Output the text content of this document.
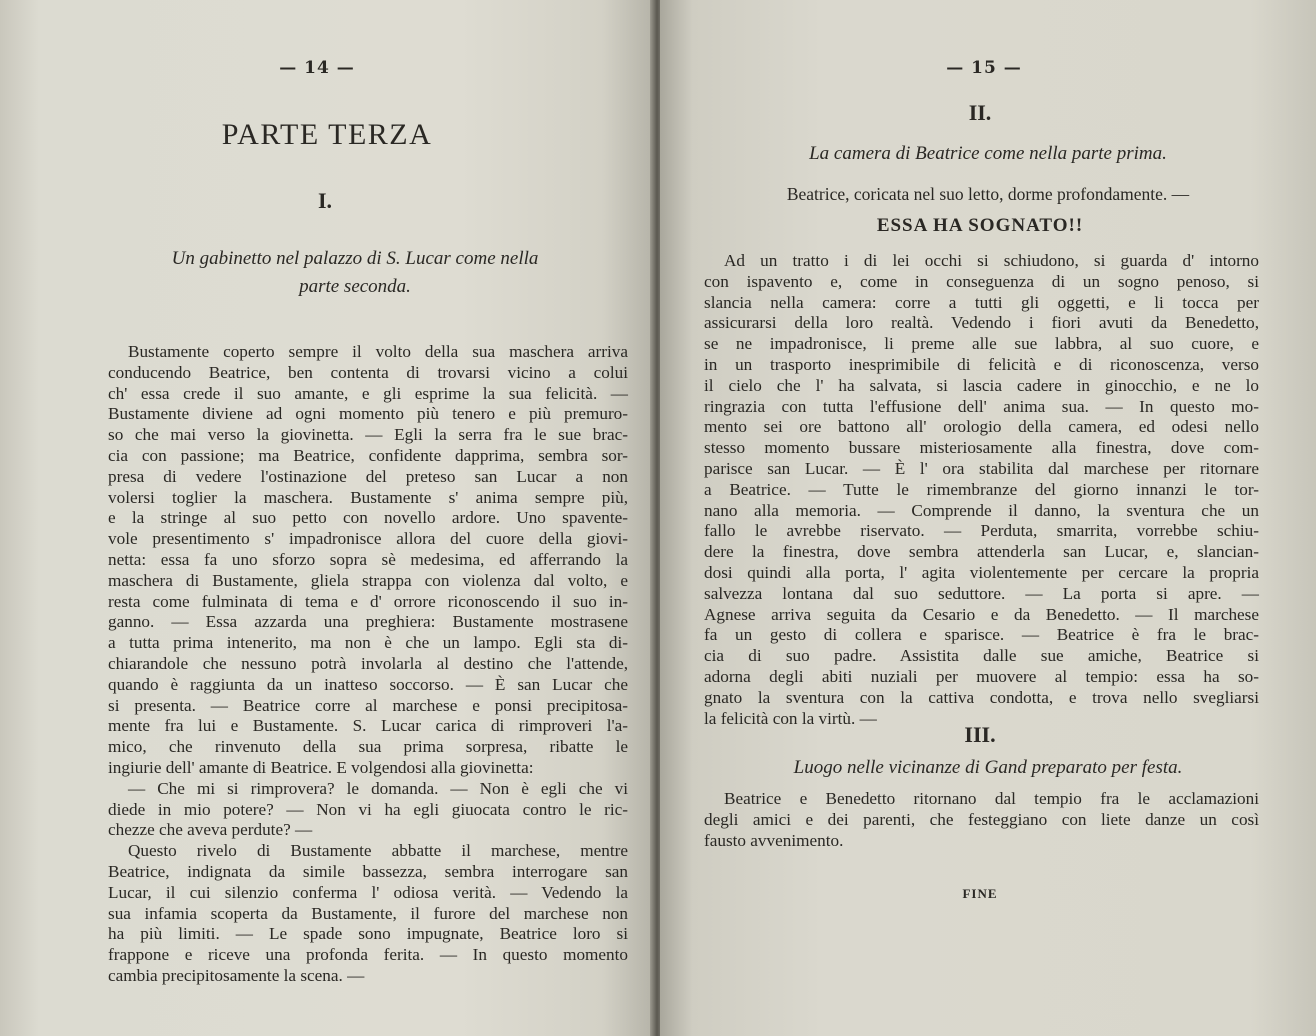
— 14 —
PARTE TERZA
I.
Un gabinetto nel palazzo di S. Lucar come nella
parte seconda.
Bustamente coperto sempre il volto della sua maschera arriva
conducendo Beatrice, ben contenta di trovarsi vicino a colui
ch' essa crede il suo amante, e gli esprime la sua felicità. —
Bustamente diviene ad ogni momento più tenero e più premuro-
so che mai verso la giovinetta. — Egli la serra fra le sue brac-
cia con passione; ma Beatrice, confidente dapprima, sembra sor-
presa di vedere l'ostinazione del preteso san Lucar a non
volersi toglier la maschera. Bustamente s' anima sempre più,
e la stringe al suo petto con novello ardore. Uno spavente-
vole presentimento s' impadronisce allora del cuore della giovi-
netta: essa fa uno sforzo sopra sè medesima, ed afferrando la
maschera di Bustamente, gliela strappa con violenza dal volto, e
resta come fulminata di tema e d' orrore riconoscendo il suo in-
ganno. — Essa azzarda una preghiera: Bustamente mostrasene
a tutta prima intenerito, ma non è che un lampo. Egli sta di-
chiarandole che nessuno potrà involarla al destino che l'attende,
quando è raggiunta da un inatteso soccorso. — È san Lucar che
si presenta. — Beatrice corre al marchese e ponsi precipitosa-
mente fra lui e Bustamente. S. Lucar carica di rimproveri l'a-
mico, che rinvenuto della sua prima sorpresa, ribatte le
ingiurie dell' amante di Beatrice. E volgendosi alla giovinetta:
— Che mi si rimprovera? le domanda. — Non è egli che vi
diede in mio potere? — Non vi ha egli giuocata contro le ric-
chezze che aveva perdute? —
Questo rivelo di Bustamente abbatte il marchese, mentre
Beatrice, indignata da simile bassezza, sembra interrogare san
Lucar, il cui silenzio conferma l' odiosa verità. — Vedendo la
sua infamia scoperta da Bustamente, il furore del marchese non
ha più limiti. — Le spade sono impugnate, Beatrice loro si
frappone e riceve una profonda ferita. — In questo momento
cambia precipitosamente la scena. —
— 15 —
II.
La camera di Beatrice come nella parte prima.
Beatrice, coricata nel suo letto, dorme profondamente. —
ESSA HA SOGNATO!!
Ad un tratto i di lei occhi si schiudono, si guarda d' intorno
con ispavento e, come in conseguenza di un sogno penoso, si
slancia nella camera: corre a tutti gli oggetti, e li tocca per
assicurarsi della loro realtà. Vedendo i fiori avuti da Benedetto,
se ne impadronisce, li preme alle sue labbra, al suo cuore, e
in un trasporto inesprimibile di felicità e di riconoscenza, verso
il cielo che l' ha salvata, si lascia cadere in ginocchio, e ne lo
ringrazia con tutta l'effusione dell' anima sua. — In questo mo-
mento sei ore battono all' orologio della camera, ed odesi nello
stesso momento bussare misteriosamente alla finestra, dove com-
parisce san Lucar. — È l' ora stabilita dal marchese per ritornare
a Beatrice. — Tutte le rimembranze del giorno innanzi le tor-
nano alla memoria. — Comprende il danno, la sventura che un
fallo le avrebbe riservato. — Perduta, smarrita, vorrebbe schiu-
dere la finestra, dove sembra attenderla san Lucar, e, slancian-
dosi quindi alla porta, l' agita violentemente per cercare la propria
salvezza lontana dal suo seduttore. — La porta si apre. —
Agnese arriva seguita da Cesario e da Benedetto. — Il marchese
fa un gesto di collera e sparisce. — Beatrice è fra le brac-
cia di suo padre. Assistita dalle sue amiche, Beatrice si
adorna degli abiti nuziali per muovere al tempio: essa ha so-
gnato la sventura con la cattiva condotta, e trova nello svegliarsi
la felicità con la virtù. —
III.
Luogo nelle vicinanze di Gand preparato per festa.
Beatrice e Benedetto ritornano dal tempio fra le acclamazioni
degli amici e dei parenti, che festeggiano con liete danze un così
fausto avvenimento.
FINE
